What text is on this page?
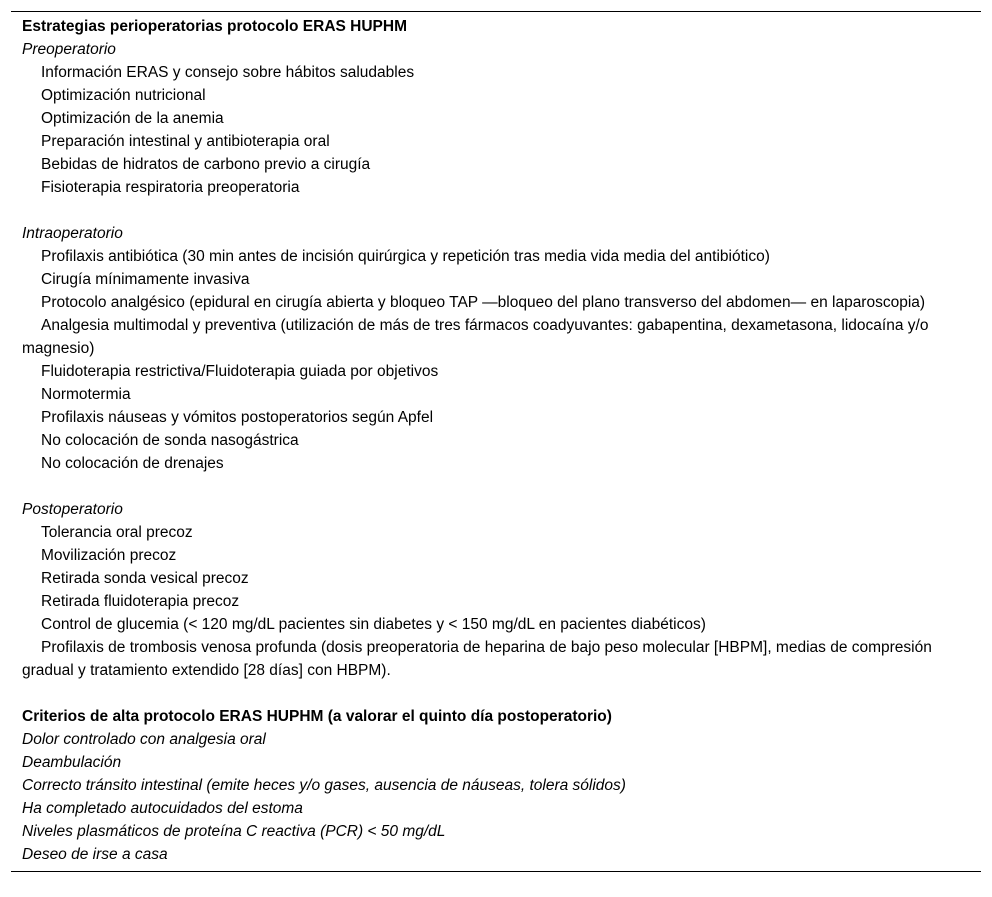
Estrategias perioperatorias protocolo ERAS HUPHM
Preoperatorio
Información ERAS y consejo sobre hábitos saludables
Optimización nutricional
Optimización de la anemia
Preparación intestinal y antibioterapia oral
Bebidas de hidratos de carbono previo a cirugía
Fisioterapia respiratoria preoperatoria
Intraoperatorio
Profilaxis antibiótica (30 min antes de incisión quirúrgica y repetición tras media vida media del antibiótico)
Cirugía mínimamente invasiva
Protocolo analgésico (epidural en cirugía abierta y bloqueo TAP —bloqueo del plano transverso del abdomen— en laparoscopia)
Analgesia multimodal y preventiva (utilización de más de tres fármacos coadyuvantes: gabapentina, dexametasona, lidocaína y/o magnesio)
Fluidoterapia restrictiva/Fluidoterapia guiada por objetivos
Normotermia
Profilaxis náuseas y vómitos postoperatorios según Apfel
No colocación de sonda nasogástrica
No colocación de drenajes
Postoperatorio
Tolerancia oral precoz
Movilización precoz
Retirada sonda vesical precoz
Retirada fluidoterapia precoz
Control de glucemia (< 120 mg/dL pacientes sin diabetes y < 150 mg/dL en pacientes diabéticos)
Profilaxis de trombosis venosa profunda (dosis preoperatoria de heparina de bajo peso molecular [HBPM], medias de compresión gradual y tratamiento extendido [28 días] con HBPM).
Criterios de alta protocolo ERAS HUPHM (a valorar el quinto día postoperatorio)
Dolor controlado con analgesia oral
Deambulación
Correcto tránsito intestinal (emite heces y/o gases, ausencia de náuseas, tolera sólidos)
Ha completado autocuidados del estoma
Niveles plasmáticos de proteína C reactiva (PCR) < 50 mg/dL
Deseo de irse a casa
